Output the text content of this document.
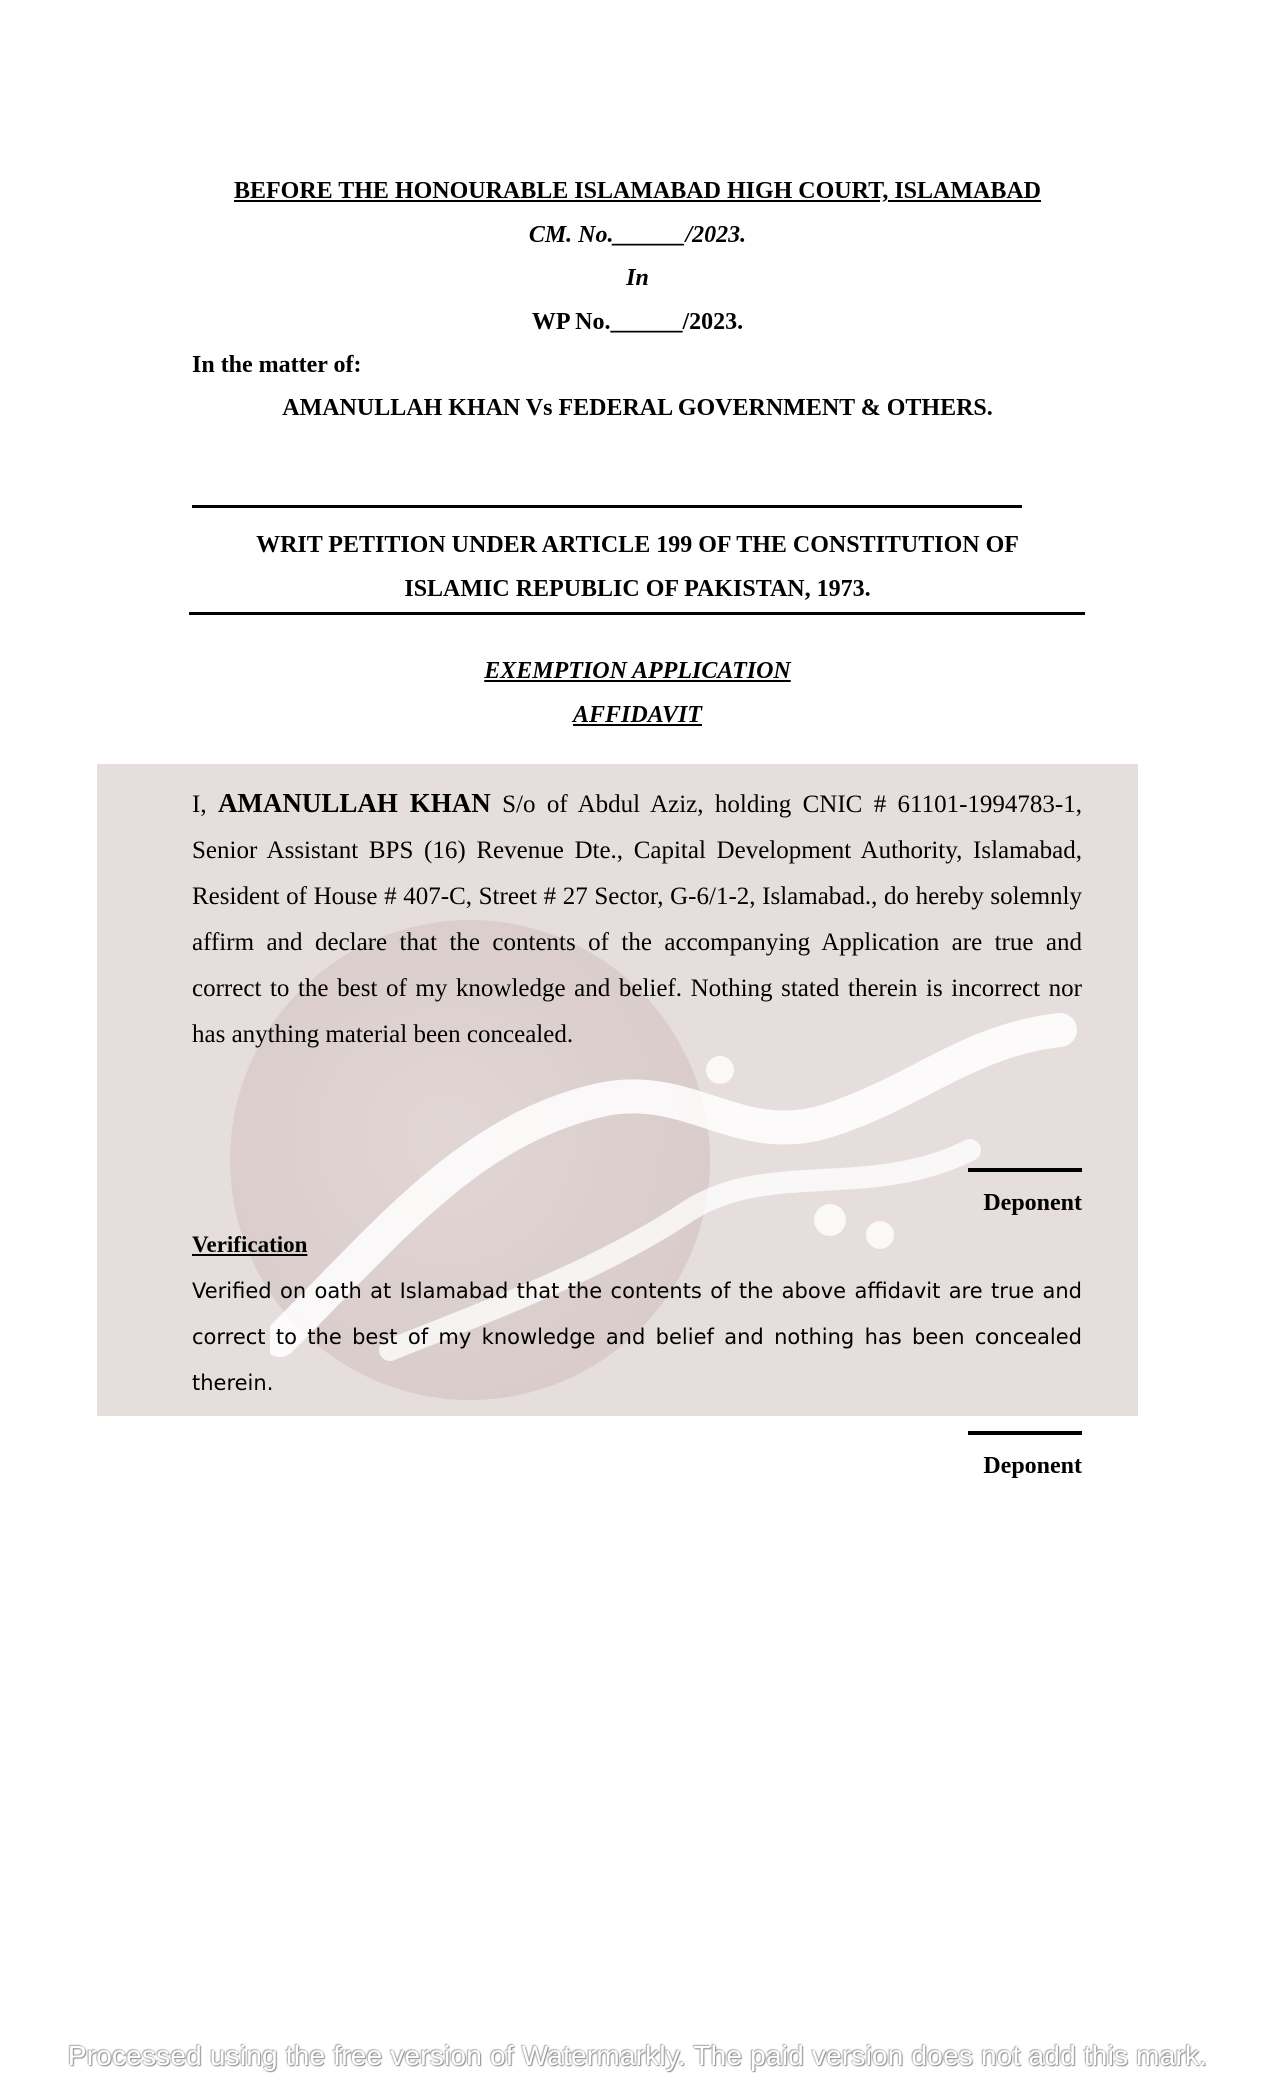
BEFORE THE HONOURABLE ISLAMABAD HIGH COURT, ISLAMABAD
CM. No.______/2023.
In
WP No.______/2023.
In the matter of:
AMANULLAH KHAN Vs FEDERAL GOVERNMENT & OTHERS.
WRIT PETITION UNDER ARTICLE 199 OF THE CONSTITUTION OF
ISLAMIC REPUBLIC OF PAKISTAN, 1973.
EXEMPTION APPLICATION
AFFIDAVIT
I, AMANULLAH KHAN S/o of Abdul Aziz, holding CNIC # 61101-1994783-1, Senior Assistant BPS (16) Revenue Dte., Capital Development Authority, Islamabad, Resident of House # 407-C, Street # 27 Sector, G-6/1-2, Islamabad., do hereby solemnly affirm and declare that the contents of the accompanying Application are true and correct to the best of my knowledge and belief. Nothing stated therein is incorrect nor has anything material been concealed.
Deponent
Verification
Verified on oath at Islamabad that the contents of the above affidavit are true and correct to the best of my knowledge and belief and nothing has been concealed therein.
Deponent
Processed using the free version of Watermarkly. The paid version does not add this mark.
